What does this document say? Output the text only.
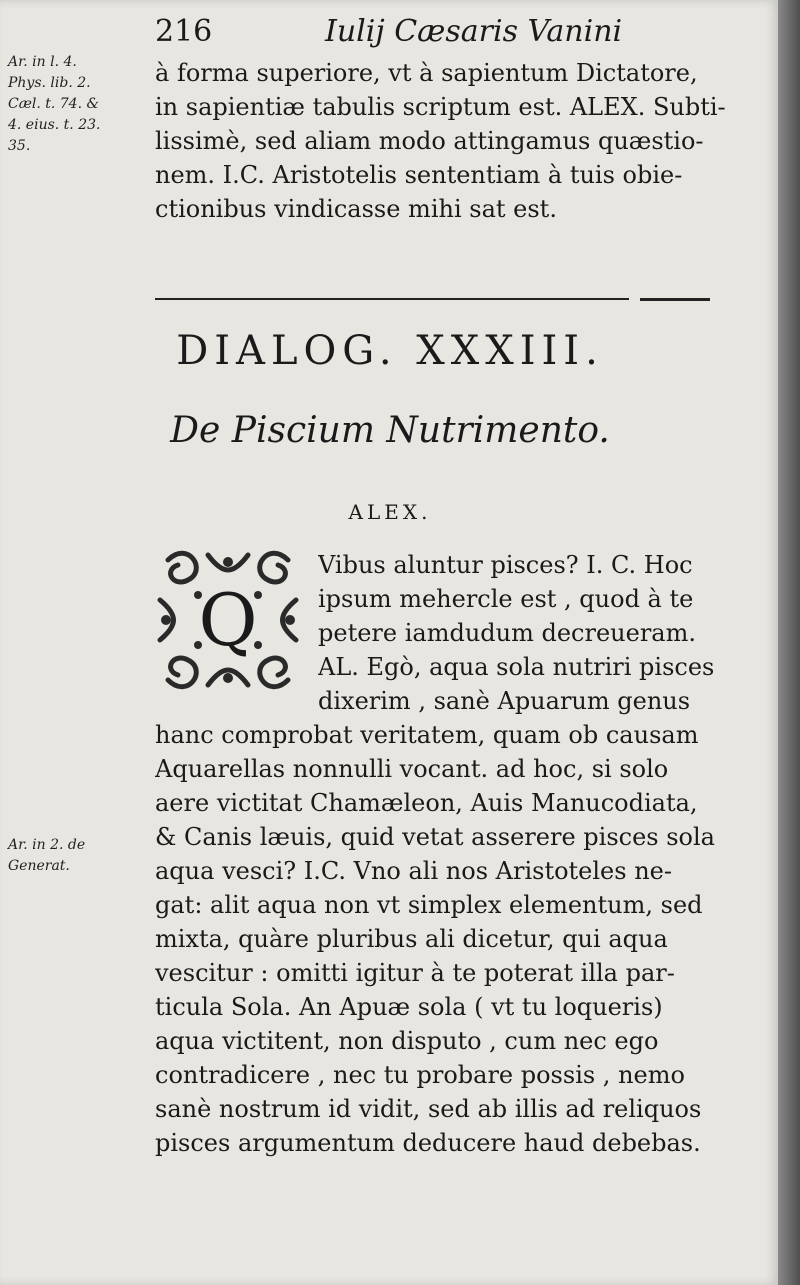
216	Iulij Cæsaris Vanini
Ar. in l. 4.
Phys. lib. 2.
Cæl. t. 74. &
4. eius. t. 23.
35.
à forma superiore, vt à sapientum Dictatore,
in sapientiæ tabulis scriptum est. ALEX. Subti-
lissimè, sed aliam modo attingamus quæstio-
nem. I.C. Aristotelis sententiam à tuis obie-
ctionibus vindicasse mihi sat est.
DIALOG. XXXIII.
De Piscium Nutrimento.
ALEX.
Q
Vibus aluntur pisces? I. C. Hoc
ipsum mehercle est , quod à te
petere iamdudum decreueram.
AL. Egò, aqua sola nutriri pisces
dixerim , sanè Apuarum genus
Ar. in 2. de
Generat.
hanc comprobat veritatem, quam ob causam
Aquarellas nonnulli vocant. ad hoc, si solo
aere victitat Chamæleon, Auis Manucodiata,
& Canis læuis, quid vetat asserere pisces sola
aqua vesci? I.C. Vno ali nos Aristoteles ne-
gat: alit aqua non vt simplex elementum, sed
mixta, quàre pluribus ali dicetur, qui aqua
vescitur : omitti igitur à te poterat illa par-
ticula Sola. An Apuæ sola ( vt tu loqueris)
aqua victitent, non disputo , cum nec ego
contradicere , nec tu probare possis , nemo
sanè nostrum id vidit, sed ab illis ad reliquos
pisces argumentum deducere haud debebas.
